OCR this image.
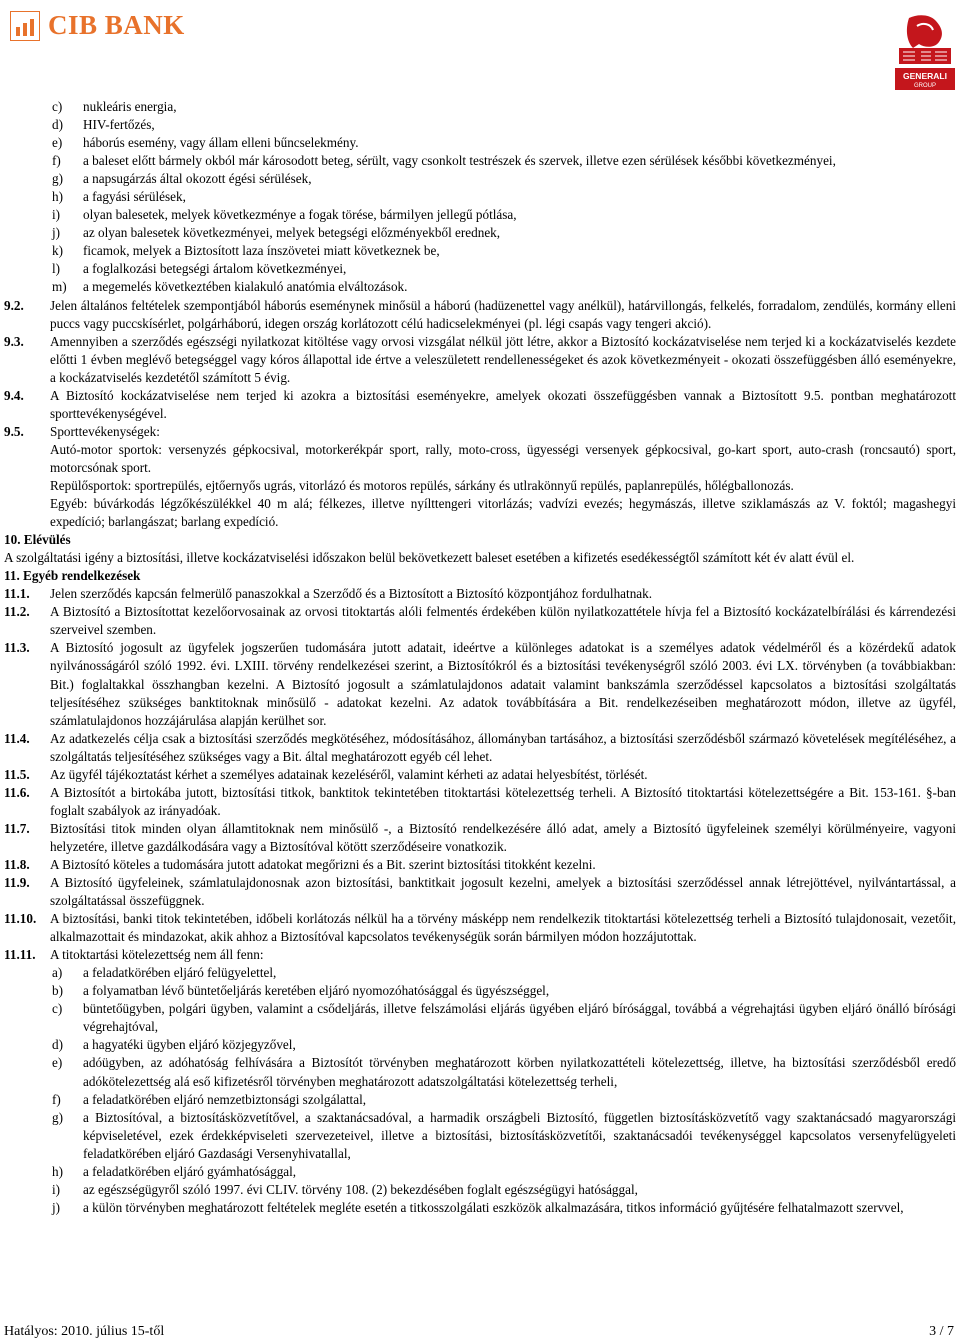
CIB BANK
GENERALI
GROUP
c)	nukleáris energia,
d)	HIV-fertőzés,
e)	háborús esemény, vagy állam elleni bűncselekmény.
f)	a baleset előtt bármely okból már károsodott beteg, sérült, vagy csonkolt testrészek és szervek, illetve ezen sérülések későbbi következményei,
g)	a napsugárzás által okozott égési sérülések,
h)	a fagyási sérülések,
i)	olyan balesetek, melyek következménye a fogak törése, bármilyen jellegű pótlása,
j)	az olyan balesetek következményei, melyek betegségi előzményekből erednek,
k)	ficamok, melyek a Biztosított laza ínszövetei miatt következnek be,
l)	a foglalkozási betegségi ártalom következményei,
m)	a megemelés következtében kialakuló anatómia elváltozások.
9.2.	Jelen általános feltételek szempontjából háborús eseménynek minősül a háború (hadüzenettel vagy anélkül), határvillongás, felkelés, forradalom, zendülés, kormány elleni puccs vagy puccskísérlet, polgárháború, idegen ország korlátozott célú hadicselekményei (pl. légi csapás vagy tengeri akció).
9.3.	Amennyiben a szerződés egészségi nyilatkozat kitöltése vagy orvosi vizsgálat nélkül jött létre, akkor a Biztosító kockázatviselése nem terjed ki a kockázatviselés kezdete előtti 1 évben meglévő betegséggel vagy kóros állapottal ide értve a veleszületett rendellenességeket és azok következményeit - okozati összefüggésben álló eseményekre, a kockázatviselés kezdetétől számított 5 évig.
9.4.	A Biztosító kockázatviselése nem terjed ki azokra a biztosítási eseményekre, amelyek okozati összefüggésben vannak a Biztosított 9.5. pontban meghatározott sporttevékenységével.
9.5.	Sporttevékenységek:
Autó-motor sportok: versenyzés gépkocsival, motorkerékpár sport, rally, moto-cross, ügyességi versenyek gépkocsival, go-kart sport, auto-crash (roncsautó) sport, motorcsónak sport.
Repülősportok: sportrepülés, ejtőernyős ugrás, vitorlázó és motoros repülés, sárkány és utlrakönnyű repülés, paplanrepülés, hőlégballonozás.
Egyéb: búvárkodás légzőkészülékkel 40 m alá; félkezes, illetve nyílttengeri vitorlázás; vadvízi evezés; hegymászás, illetve sziklamászás az V. foktól; magashegyi expedíció; barlangászat; barlang expedíció.
10. Elévülés
A szolgáltatási igény a biztosítási, illetve kockázatviselési időszakon belül bekövetkezett baleset esetében a kifizetés esedékességtől számított két év alatt évül el.
11. Egyéb rendelkezések
11.1.	Jelen szerződés kapcsán felmerülő panaszokkal a Szerződő és a Biztosított a Biztosító központjához fordulhatnak.
11.2.	A Biztosító a Biztosítottat kezelőorvosainak az orvosi titoktartás alóli felmentés érdekében külön nyilatkozattétele hívja fel a Biztosító kockázatelbírálási és kárrendezési szerveivel szemben.
11.3.	A Biztosító jogosult az ügyfelek jogszerűen tudomására jutott adatait, ideértve a különleges adatokat is a személyes adatok védelméről és a közérdekű adatok nyilvánosságáról szóló 1992. évi. LXIII. törvény rendelkezései szerint, a Biztosítókról és a biztosítási tevékenységről szóló 2003. évi LX. törvényben (a továbbiakban: Bit.) foglaltakkal összhangban kezelni. A Biztosító jogosult a számlatulajdonos adatait valamint bankszámla szerződéssel kapcsolatos a biztosítási szolgáltatás teljesítéséhez szükséges banktitoknak minősülő - adatokat kezelni. Az adatok továbbítására a Bit. rendelkezéseiben meghatározott módon, illetve az ügyfél, számlatulajdonos hozzájárulása alapján kerülhet sor.
11.4.	Az adatkezelés célja csak a biztosítási szerződés megkötéséhez, módosításához, állományban tartásához, a biztosítási szerződésből származó követelések megítéléséhez, a szolgáltatás teljesítéséhez szükséges vagy a Bit. által meghatározott egyéb cél lehet.
11.5.	Az ügyfél tájékoztatást kérhet a személyes adatainak kezeléséről, valamint kérheti az adatai helyesbítést, törlését.
11.6.	A Biztosítót a birtokába jutott, biztosítási titkok, banktitok tekintetében titoktartási kötelezettség terheli. A Biztosító titoktartási kötelezettségére a Bit. 153-161. §-ban foglalt szabályok az irányadóak.
11.7.	Biztosítási titok minden olyan államtitoknak nem minősülő -, a Biztosító rendelkezésére álló adat, amely a Biztosító ügyfeleinek személyi körülményeire, vagyoni helyzetére, illetve gazdálkodására vagy a Biztosítóval kötött szerződéseire vonatkozik.
11.8.	A Biztosító köteles a tudomására jutott adatokat megőrizni és a Bit. szerint biztosítási titokként kezelni.
11.9.	A Biztosító ügyfeleinek, számlatulajdonosnak azon biztosítási, banktitkait jogosult kezelni, amelyek a biztosítási szerződéssel annak létrejöttével, nyilvántartással, a szolgáltatással összefüggnek.
11.10.	A biztosítási, banki titok tekintetében, időbeli korlátozás nélkül ha a törvény másképp nem rendelkezik titoktartási kötelezettség terheli a Biztosító tulajdonosait, vezetőit, alkalmazottait és mindazokat, akik ahhoz a Biztosítóval kapcsolatos tevékenységük során bármilyen módon hozzájutottak.
11.11.	A titoktartási kötelezettség nem áll fenn:
a)	a feladatkörében eljáró felügyelettel,
b)	a folyamatban lévő büntetőeljárás keretében eljáró nyomozóhatósággal és ügyészséggel,
c)	büntetőügyben, polgári ügyben, valamint a csődeljárás, illetve felszámolási eljárás ügyében eljáró bírósággal, továbbá a végrehajtási ügyben eljáró önálló bírósági végrehajtóval,
d)	a hagyatéki ügyben eljáró közjegyzővel,
e)	adóügyben, az adóhatóság felhívására a Biztosítót törvényben meghatározott körben nyilatkozattételi kötelezettség, illetve, ha biztosítási szerződésből eredő adókötelezettség alá eső kifizetésről törvényben meghatározott adatszolgáltatási kötelezettség terheli,
f)	a feladatkörében eljáró nemzetbiztonsági szolgálattal,
g)	a Biztosítóval, a biztosításközvetítővel, a szaktanácsadóval, a harmadik országbeli Biztosító, független biztosításközvetítő vagy szaktanácsadó magyarországi képviseletével, ezek érdekképviseleti szervezeteivel, illetve a biztosítási, biztosításközvetítői, szaktanácsadói tevékenységgel kapcsolatos versenyfelügyeleti feladatkörében eljáró Gazdasági Versenyhivatallal,
h)	a feladatkörében eljáró gyámhatósággal,
i)	az egészségügyről szóló 1997. évi CLIV. törvény 108. (2) bekezdésében foglalt egészségügyi hatósággal,
j)	a külön törvényben meghatározott feltételek megléte esetén a titkosszolgálati eszközök alkalmazására, titkos információ gyűjtésére felhatalmazott szervvel,
Hatályos: 2010. július 15-től	3 / 7
